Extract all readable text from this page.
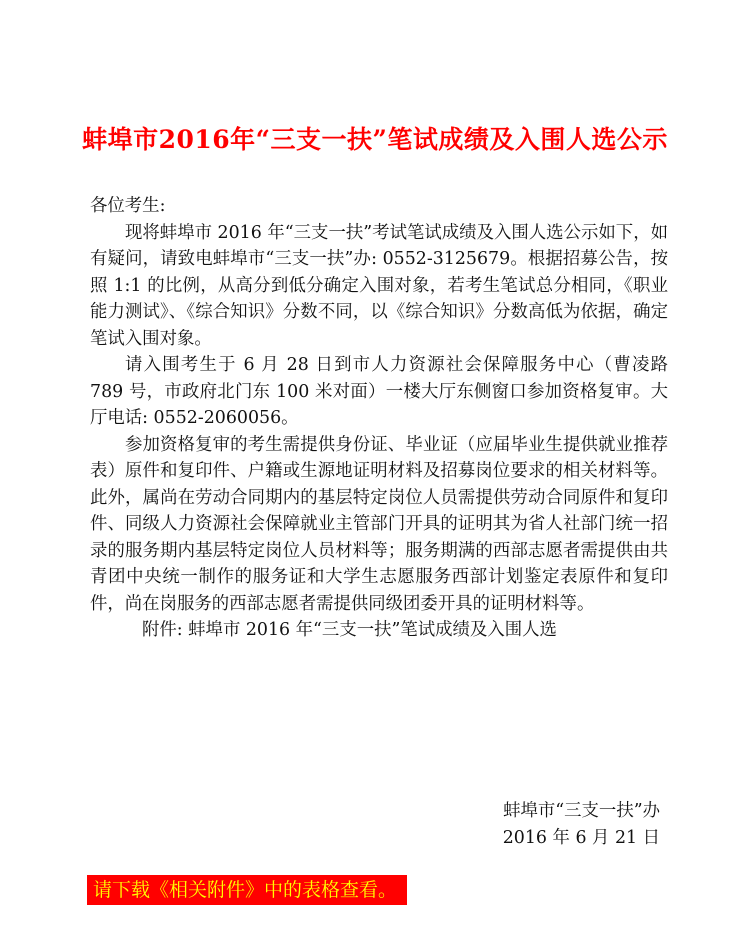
蚌埠市2016年“三支一扶”笔试成绩及入围人选公示

各位考生:

现将蚌埠市 2016 年“三支一扶”考试笔试成绩及入围人选公示如下，如有疑问，请致电蚌埠市“三支一扶”办: 0552-3125679。根据招募公告，按照 1:1 的比例，从高分到低分确定入围对象，若考生笔试总分相同，《职业能力测试》、《综合知识》分数不同，以《综合知识》分数高低为依据，确定笔试入围对象。

请入围考生于 6 月 28 日到市人力资源社会保障服务中心（曹凌路 789 号，市政府北门东 100 米对面）一楼大厅东侧窗口参加资格复审。大厅电话: 0552-2060056。

参加资格复审的考生需提供身份证、毕业证（应届毕业生提供就业推荐表）原件和复印件、户籍或生源地证明材料及招募岗位要求的相关材料等。此外，属尚在劳动合同期内的基层特定岗位人员需提供劳动合同原件和复印件、同级人力资源社会保障就业主管部门开具的证明其为省人社部门统一招录的服务期内基层特定岗位人员材料等；服务期满的西部志愿者需提供由共青团中央统一制作的服务证和大学生志愿服务西部计划鉴定表原件和复印件，尚在岗服务的西部志愿者需提供同级团委开具的证明材料等。

附件: 蚌埠市 2016 年“三支一扶”笔试成绩及入围人选

蚌埠市“三支一扶”办
2016 年 6 月 21 日
请下载《相关附件》中的表格查看。
